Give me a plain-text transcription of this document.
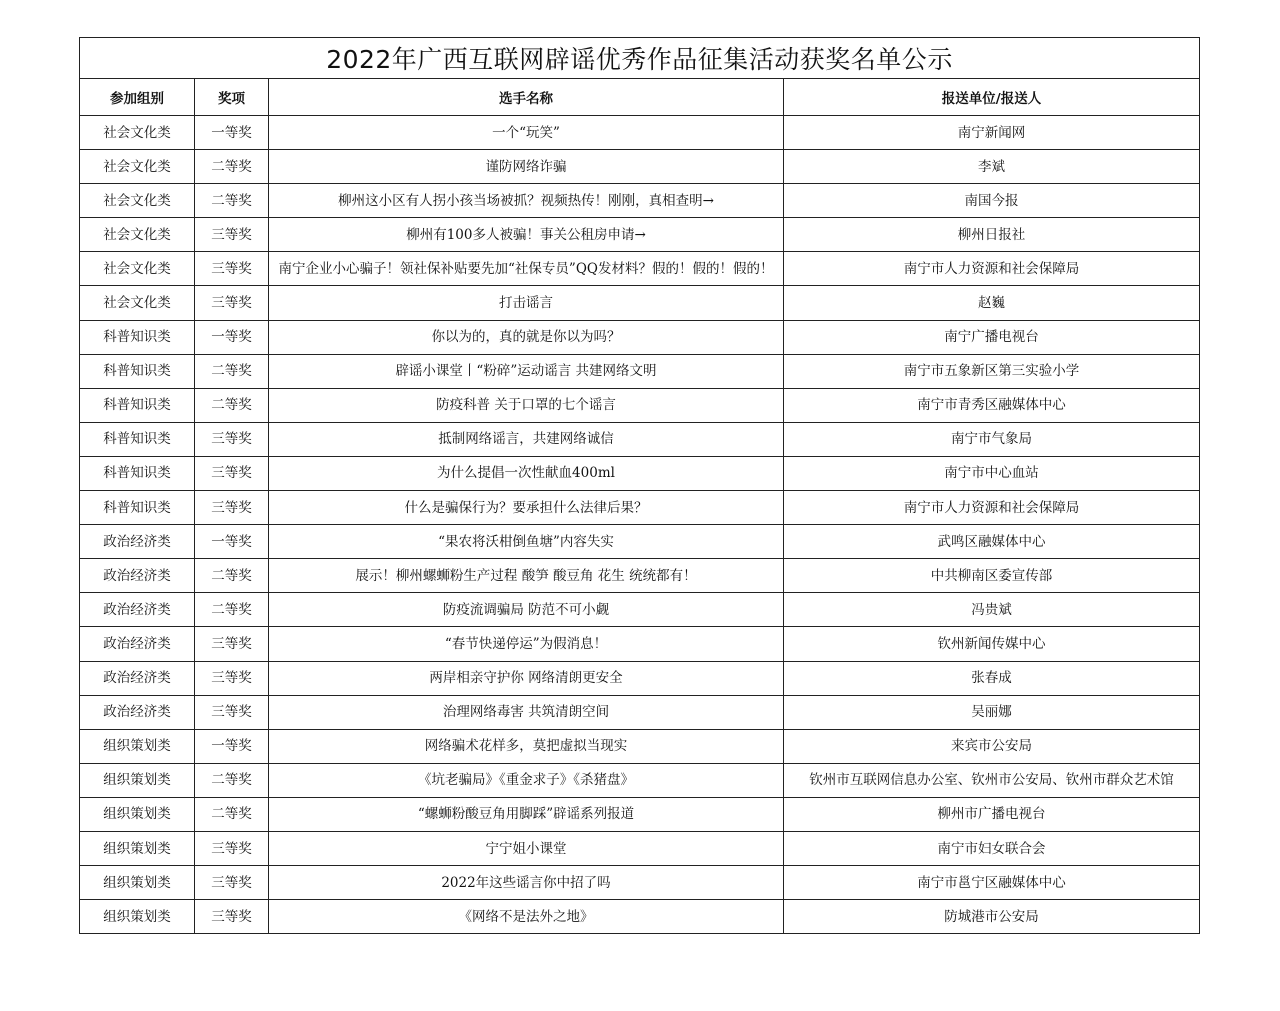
2022年广西互联网辟谣优秀作品征集活动获奖名单公示			
参加组别	奖项	选手名称	报送单位/报送人
社会文化类	一等奖	一个“玩笑”	南宁新闻网
社会文化类	二等奖	谨防网络诈骗	李斌
社会文化类	二等奖	柳州这小区有人拐小孩当场被抓？视频热传！刚刚，真相查明→	南国今报
社会文化类	三等奖	柳州有100多人被骗！事关公租房申请→	柳州日报社
社会文化类	三等奖	南宁企业小心骗子！领社保补贴要先加“社保专员”QQ发材料？假的！假的！假的！	南宁市人力资源和社会保障局
社会文化类	三等奖	打击谣言	赵巍
科普知识类	一等奖	你以为的，真的就是你以为吗？	南宁广播电视台
科普知识类	二等奖	辟谣小课堂丨“粉碎”运动谣言 共建网络文明	南宁市五象新区第三实验小学
科普知识类	二等奖	防疫科普 关于口罩的七个谣言	南宁市青秀区融媒体中心
科普知识类	三等奖	抵制网络谣言，共建网络诚信	南宁市气象局
科普知识类	三等奖	为什么提倡一次性献血400ml	南宁市中心血站
科普知识类	三等奖	什么是骗保行为？要承担什么法律后果？	南宁市人力资源和社会保障局
政治经济类	一等奖	“果农将沃柑倒鱼塘”内容失实	武鸣区融媒体中心
政治经济类	二等奖	展示！柳州螺蛳粉生产过程 酸笋 酸豆角 花生 统统都有！	中共柳南区委宣传部
政治经济类	二等奖	防疫流调骗局 防范不可小觑	冯贵斌
政治经济类	三等奖	“春节快递停运”为假消息！	钦州新闻传媒中心
政治经济类	三等奖	两岸相亲守护你 网络清朗更安全	张春成
政治经济类	三等奖	治理网络毒害 共筑清朗空间	吴丽娜
组织策划类	一等奖	网络骗术花样多，莫把虚拟当现实	来宾市公安局
组织策划类	二等奖	《坑老骗局》《重金求子》《杀猪盘》	钦州市互联网信息办公室、钦州市公安局、钦州市群众艺术馆
组织策划类	二等奖	“螺蛳粉酸豆角用脚踩”辟谣系列报道	柳州市广播电视台
组织策划类	三等奖	宁宁姐小课堂	南宁市妇女联合会
组织策划类	三等奖	2022年这些谣言你中招了吗	南宁市邕宁区融媒体中心
组织策划类	三等奖	《网络不是法外之地》	防城港市公安局
